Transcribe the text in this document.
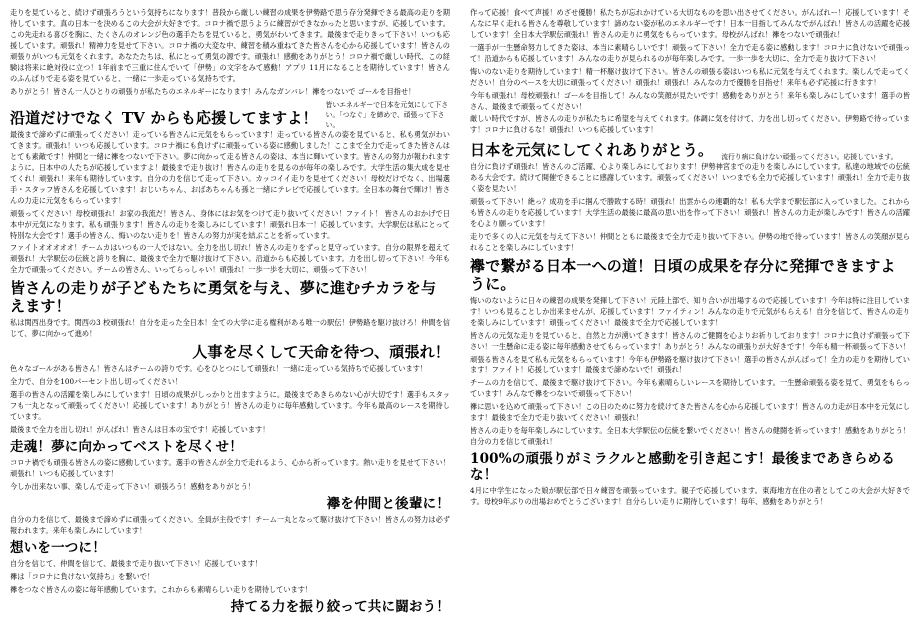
走りを見ていると、続けず頑張ろうという気持ちになります！普段から厳しい練習の成果を伊勢路で思う存分発揮できる最高の走りを期待しています。真の日本一を決めるこの大会が大好きです。コロナ禍で思うように練習ができなかったと思いますが、応援しています。この先走れる喜びを胸に、たくさんのオレンジ色の選手たちを見ていると、勇気がわいてきます。最後まで走りきって下さい！いつも応援しています。頑張れ！精神力を見せて下さい。コロナ禍の大変な中、練習を積み重ねてきた皆さんを心から応援しています！皆さんの頑張りがいつも元気をくれます。あなたたちは、私にとって勇気の源です。頑張れ！感動をありがとう！コロナ禍で厳しい時代、この経験は将来に絶対役に立つ！1年前まで三重に住んでいて「伊勢」の文字をみて感動！アプリ 11月になることを期待しています！皆さんのふんばりで走る姿を見ていると、一緒に一歩走っている気持ちです。

ありがとう！皆さん一人ひとりの頑張りが私たちのエネルギーになります！みんなガンバレ！襷をつないで ゴールを目指せ！

沿道だけでなく TV からも応援してますよ！
皆いエネルギーで日本を元気にして下さい。「つなぐ」を締めで、頑張って下さい。

最後まで諦めずに頑張ってください！走っている皆さんに元気をもらっています！走っている皆さんの姿を見ていると、私も勇気がわいてきます。頑張れ！いつも応援しています。コロナ禍にも負けずに頑張っている姿に感動しました！ここまで全力で走ってきた皆さんはとても素敵です！仲間と一緒に襷をつないで下さい。夢に向かって走る皆さんの姿は、本当に輝いています。皆さんの努力が報われますように。日本中の人たちが応援していますよ！最後まで走り抜け！皆さんの走りを見るのが毎年の楽しみです。大学生活の集大成を見せてくれ！頑張れ！来年も期待しています。自分の力を信じて走って下さい。カッコイイ走りを見せてください！母校だけでなく、出場選手・スタッフ皆さんを応援しています！おじいちゃん、おばあちゃんも孫と一緒にテレビで応援しています。全日本の舞台で輝け！皆さんの力走に元気をもらっています！

頑張ってください！母校頑張れ！お家の我流だ！皆さん、身体にはお気をつけて走り抜いてください！ファイト！ 皆さんのおかげで日本中が元気になります。私も頑張ります！皆さんの走りを楽しみにしています！頑張れ日本一！応援しています。大学駅伝は私にとって特別な大会です！選手の皆さん、悔いのない走りを！皆さんの努力が実を結ぶことを祈っています。

ファイトオオオオオ！チームカはいつもの一人ではない。全力を出し切れ！皆さんの走りをずっと見守っています。自分の限界を超えて頑張れ！大学駅伝の伝統と誇りを胸に、最後まで全力で駆け抜けて下さい。沿道からも応援しています。力を出し切って下さい！今年も全力で頑張ってください。チームの皆さん、いってらっしゃい！頑張れ！一歩一歩を大切に、頑張って下さい！

皆さんの走りが子どもたちに勇気を与え、夢に進むチカラを与えます！

私は関西出身です。関西の3 校頑張れ！自分を走った全日本！全ての大学に走る権利がある唯一の駅伝！伊勢路を駆け抜けろ！仲間を信じて、夢に向かって進め！

人事を尽くして天命を待つ、頑張れ！

色々なゴールがある皆さん！皆さんはチームの誇りです。心をひとつにして頑張れ！一緒に走っている気持ちで応援しています！

全力で、自分を100パーセント出し切ってください！

選手の皆さんの活躍を楽しみにしています！日頃の成果がしっかりと出ますように。最後まであきらめない心が大切です！選手もスタッフも一丸となって頑張ってください！応援しています！ありがとう！皆さんの走りに毎年感動しています。今年も最高のレースを期待しています。

最後まで全力を出し切れ！がんばれ！皆さんは日本の宝です！応援しています！

走魂！夢に向かってベストを尽くせ！

コロナ禍でも頑張る皆さんの姿に感動しています。選手の皆さんが全力で走れるよう、心から祈っています。熱い走りを見せて下さい！頑張れ！いつも応援しています！

今しか出来ない事、楽しんで走って下さい！頑張ろう！感動をありがとう！

襷を仲間と後輩に！

自分の力を信じて、最後まで諦めずに頑張ってください。全員が主役です！チーム一丸となって駆け抜けて下さい！皆さんの努力は必ず報われます。来年も楽しみにしています！

想いを一つに！

自分を信じて、仲間を信じて、最後まで走り抜いて下さい！応援しています！

襷は「コロナに負けない気持ち」を繋いで！

襷をつなぐ皆さんの姿に毎年感動しています。これからも素晴らしい走りを期待しています！

持てる力を振り絞って共に闘おう！

作って応援！食べて声援！めざせ優勝！私たちが忘れかけている大切なものを思い出させてください。がんばれー！応援しています！そんなに早く走れる皆さんを尊敬しています！諦めない姿が私のエネルギーです！日本一目指してみんなでがんばれ！皆さんの活躍を応援しています！全日本大学駅伝頑張れ！皆さんの走りに勇気をもらっています。母校がんばれ！襷をつないで頑張れ！

一選手が一生懸命努力してきた姿は、本当に素晴らしいです！頑張って下さい！全力で走る姿に感動します！コロナに負けないで頑張って！沿道からも応援しています！みんなの走りが見られるのが毎年楽しみです。一歩一歩を大切に、全力で走り抜けて下さい！

悔いのない走りを期待しています！精一杯駆け抜けて下さい。皆さんの頑張る姿はいつも私に元気を与えてくれます。楽しんで走ってください！自分のペースを大切に頑張ってください！頑張れ！頑張れ！みんなの力で優勝を目指せ！来年も必ず応援に行きます！

今年も頑張れ！母校頑張れ！ゴールを目指して！みんなの笑顔が見たいです！感動をありがとう！来年も楽しみにしています！選手の皆さん、最後まで頑張ってください！

厳しい時代ですが、皆さんの走りが私たちに希望を与えてくれます。体調に気を付けて、力を出し切ってください。伊勢路で待っています！コロナに負けるな！頑張れ！いつも応援しています！

日本を元気にしてくれありがとう。 流行り病に負けない頑張ってください。応援しています。

自分に負けず頑張れ！皆さんのご活躍、心より楽しみにしております！伊勢神宮までの走りを楽しみにしています。私達の地域での伝統ある大会です。続けて開催できることに感謝しています。頑張ってください！いつまでも全力で応援しています！頑張れ！全力で走り抜く姿を見たい！

頑張って下さい！絶っ？成功を手に掴んで勝敗する時！頑張れ！出雲からの連覇的な！私も大学まで駅伝部に入っていました。これからも皆さんの走りを応援しています！大学生活の最後に最高の思い出を作って下さい！頑張れ！皆さんの力走が楽しみです！皆さんの活躍を心より願っています！

走りで多くの人に元気を与えて下さい！仲間とともに最後まで全力で走り抜いて下さい。伊勢の地で待っています！皆さんの笑顔が見られることを楽しみにしています！

襷で繋がる日本一への道！日頃の成果を存分に発揮できますように。

悔いのないように日々の練習の成果を発揮して下さい！元陸上部で、知り合いが出場するので応援しています！今年は特に注目しています！いつも見ることしか出来ませんが、応援しています！ファイティン！みんなの走りで元気がもらえる！自分を信じて、皆さんの走りを楽しみにしています！頑張ってください！最後まで全力で応援しています！

皆さんの元気な走りを見ていると、自然と力が湧いてきます！皆さんのご健闘を心よりお祈りしております！コロナに負けず頑張って下さい！一生懸命に走る姿に毎年感動させてもらっています！ありがとう！みんなの頑張りが大好きです！今年も精一杯頑張って下さい！

頑張る皆さんを見て私も元気をもらっています！今年も伊勢路を駆け抜けて下さい！選手の皆さんがんばって！全力の走りを期待しています！ファイト！応援しています！最後まで諦めないで！頑張れ！

チームの力を信じて、最後まで駆け抜けて下さい。今年も素晴らしいレースを期待しています。一生懸命頑張る姿を見て、勇気をもらっています！みんなで襷をつないで頑張って下さい！

襷に思いを込めて頑張って下さい！この日のために努力を続けてきた皆さんを心から応援しています！皆さんの力走が日本中を元気にします！最後まで全力で走り抜いてください！頑張れ！

皆さんの走りを毎年楽しみにしています。全日本大学駅伝の伝統を繋いでください！皆さんの健闘を祈っています！感動をありがとう！自分の力を信じて頑張れ！

100%の頑張りがミラクルと感動を引き起こす！最後まであきらめるな！

4月に中学生になった娘が駅伝部で日々練習を頑張っています。親子で応援しています。東海地方在住の者としてこの大会が大好きです。母校9年ぶりの出場おめでとうございます！自分らしい走りに期待しています！毎年、感動をありがとう！
